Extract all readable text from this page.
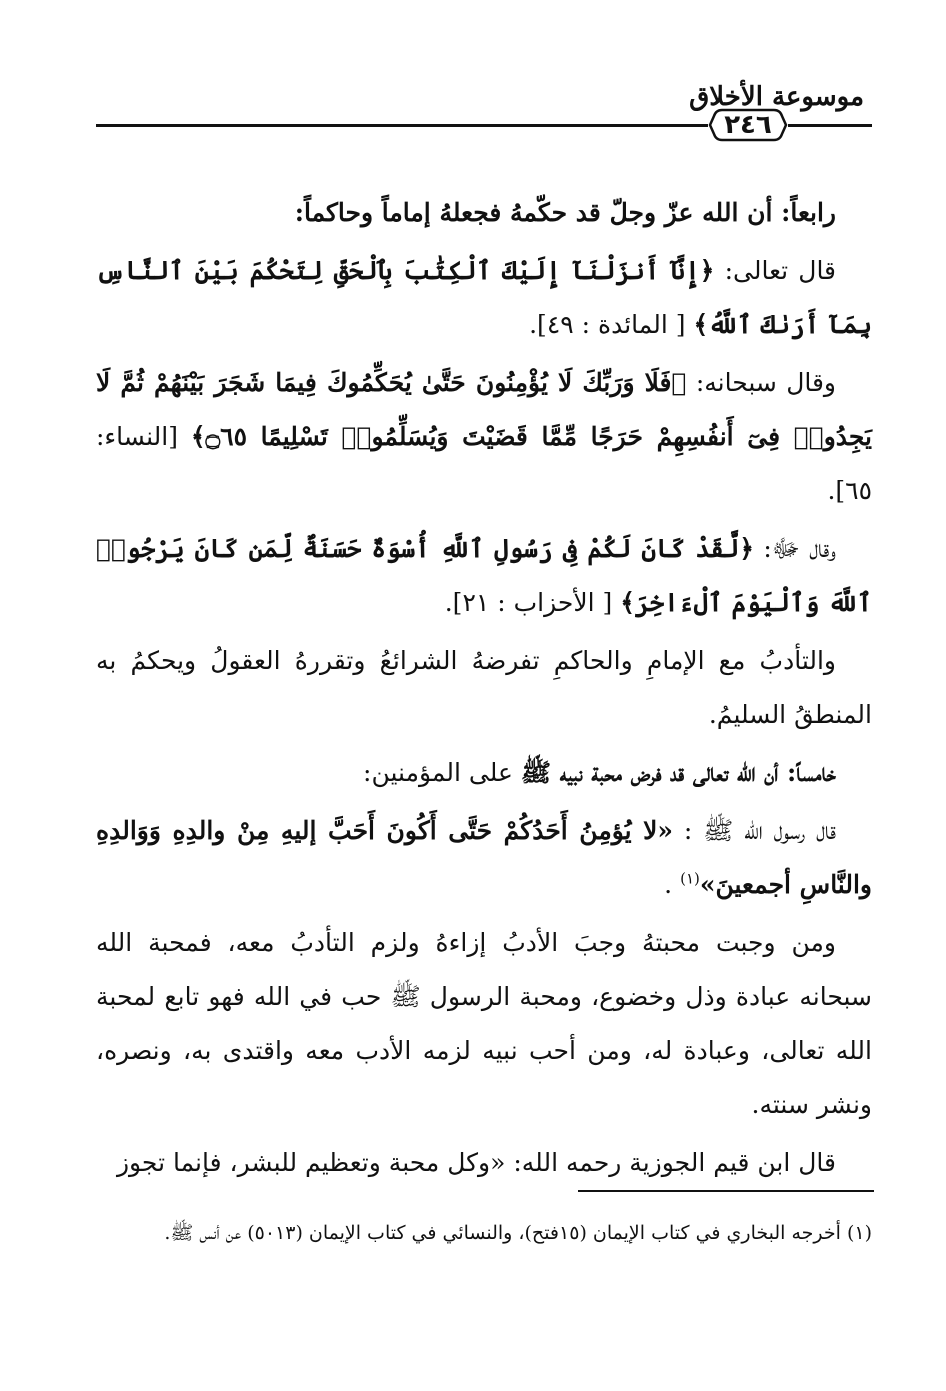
موسوعة الأخلاق
٢٤٦

رابعاً: أن الله عزّ وجلّ قد حكّمهُ فجعلهُ إماماً وحاكماً:

قال تعالى: ﴿إِنَّآ أَنزَلْنَآ إِلَيْكَ ٱلْكِتَٰبَ بِٱلْحَقِّ لِتَحْكُمَ بَيْنَ ٱلنَّاسِ بِمَآ أَرَىٰكَ ٱللَّهُ﴾ [ المائدة : ٤٩].

وقال سبحانه: ﴿فَلَا وَرَبِّكَ لَا يُؤْمِنُونَ حَتَّىٰ يُحَكِّمُوكَ فِيمَا شَجَرَ بَيْنَهُمْ ثُمَّ لَا يَجِدُوا۟ فِىٓ أَنفُسِهِمْ حَرَجًا مِّمَّا قَضَيْتَ وَيُسَلِّمُوا۟ تَسْلِيمًا ۝٦٥﴾ [النساء: ٦٥].

وقال ﷻ: ﴿لَّقَدْ كَانَ لَكُمْ فِى رَسُولِ ٱللَّهِ أُسْوَةٌ حَسَنَةٌ لِّمَن كَانَ يَرْجُوا۟ ٱللَّهَ وَٱلْيَوْمَ ٱلْءَاخِرَ﴾ [ الأحزاب : ٢١].

والتأدبُ مع الإمامِ والحاكمِ تفرضهُ الشرائعُ وتقررهُ العقولُ ويحكمُ به المنطقُ السليمُ.

خامساً: أن الله تعالى قد فرض محبة نبيه ﷺ على المؤمنين:

قال رسول الله ﷺ : «لا يُؤمِنُ أَحَدُكُمْ حَتَّى أَكُونَ أَحَبَّ إليهِ مِنْ والدِهِ وَوَالدِهِ والنَّاسِ أجمعينَ»$^{(١)}$ .

ومن وجبت محبتهُ وجبَ الأدبُ إزاءهُ ولزم التأدبُ معه، فمحبة الله سبحانه عبادة وذل وخضوع، ومحبة الرسول ﷺ حب في الله فهو تابع لمحبة الله تعالى، وعبادة له، ومن أحب نبيه لزمه الأدب معه واقتدى به، ونصره، ونشر سنته.

قال ابن قيم الجوزية رحمه الله: «وكل محبة وتعظيم للبشر، فإنما تجوز

(١) أخرجه البخاري في كتاب الإيمان (١٥فتح)، والنسائي في كتاب الإيمان (٥٠١٣) عن أنس ﷺ.
